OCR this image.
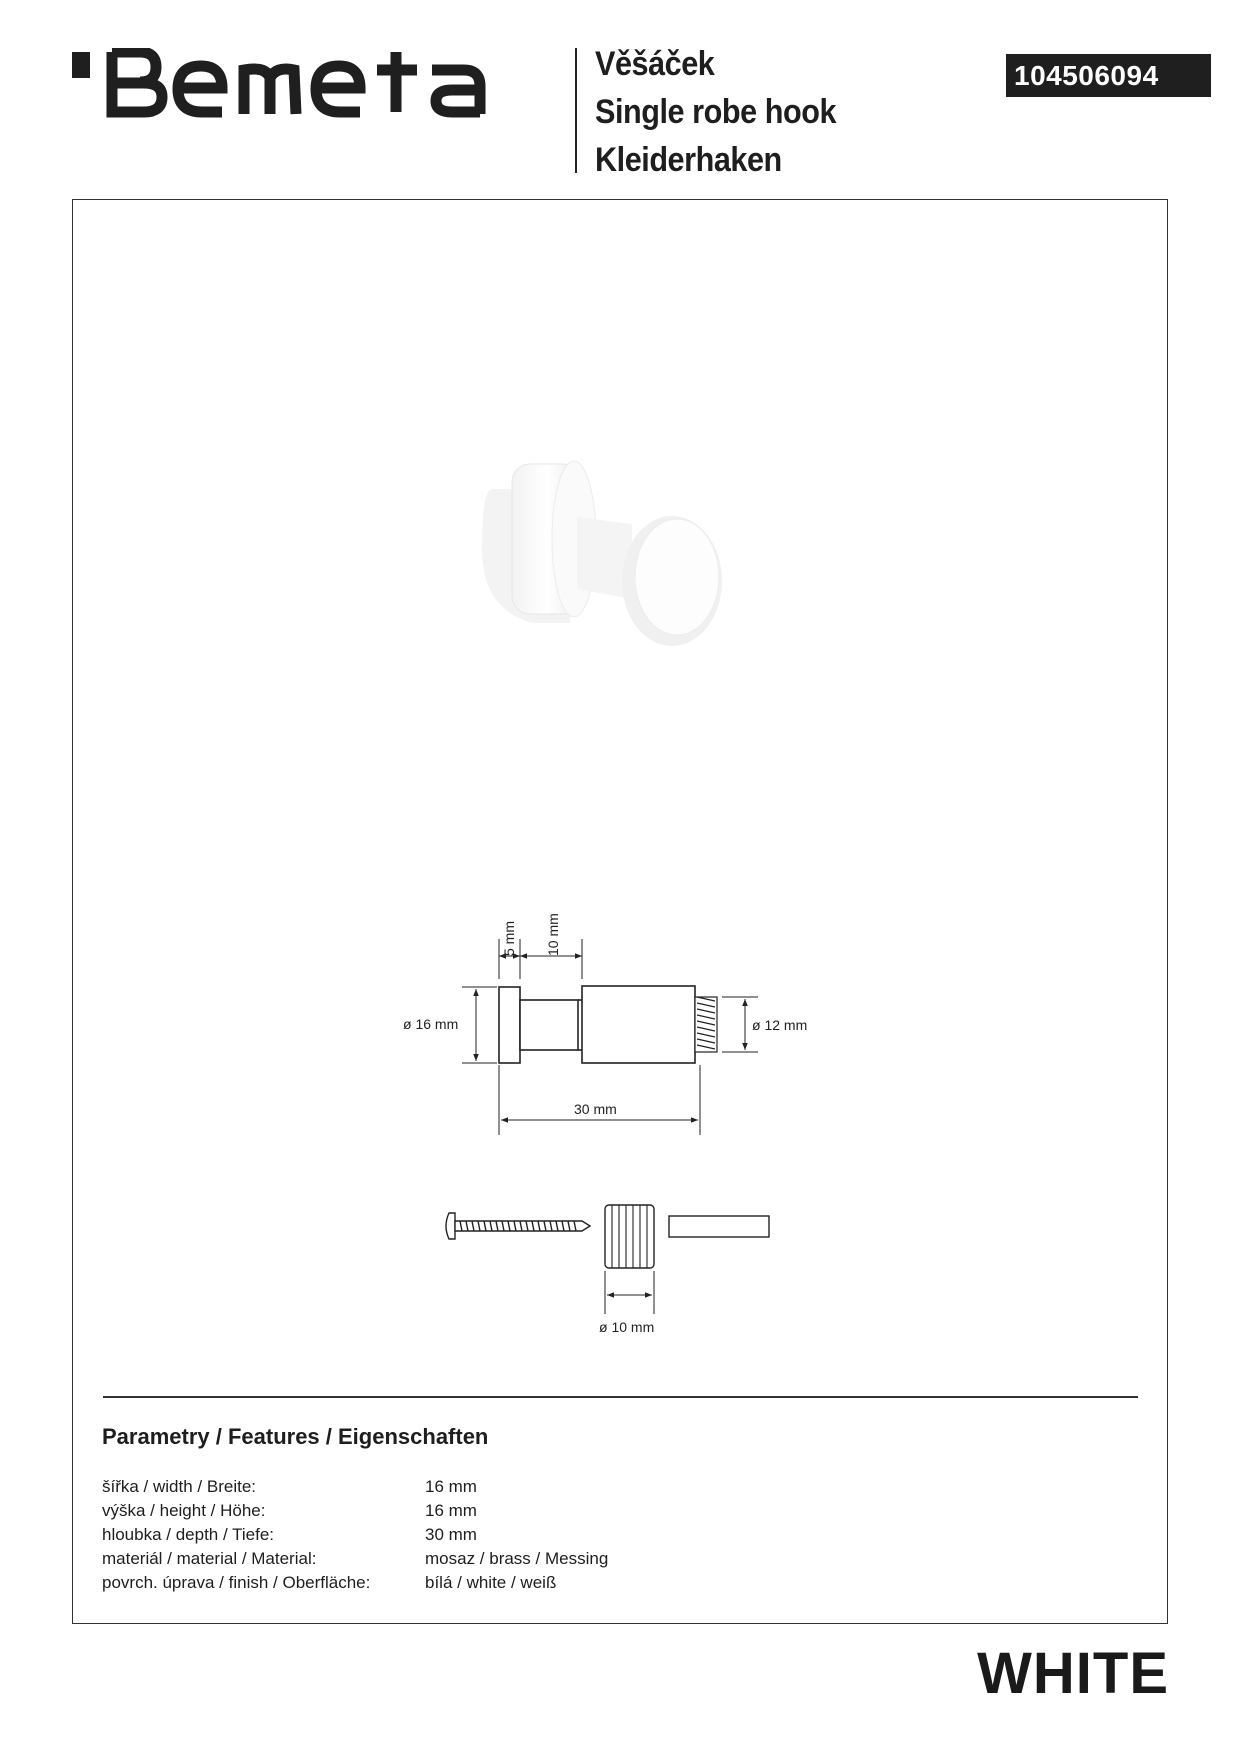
Věšáček
Single robe hook
Kleiderhaken
104506094
5 mm 10 mm
ø 16 mm	ø 12 mm
30 mm
ø 10 mm
Parametry / Features / Eigenschaften
šířka / width / Breite:	16 mm
výška / height / Höhe:	16 mm
hloubka / depth / Tiefe:	30 mm
materiál / material / Material:	mosaz / brass / Messing
povrch. úprava / finish / Oberfläche:	bílá / white / weiß
WHITE
